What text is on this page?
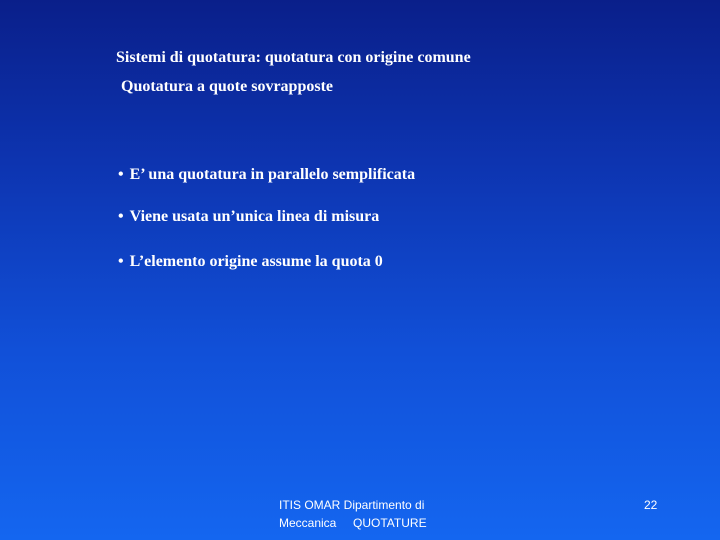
Sistemi di quotatura: quotatura con origine comune
Quotatura a quote sovrapposte
• E’ una quotatura in parallelo semplificata
• Viene usata un’unica linea di misura
• L’elemento origine assume la quota 0
ITIS OMAR Dipartimento di
Meccanica     QUOTATURE
22
